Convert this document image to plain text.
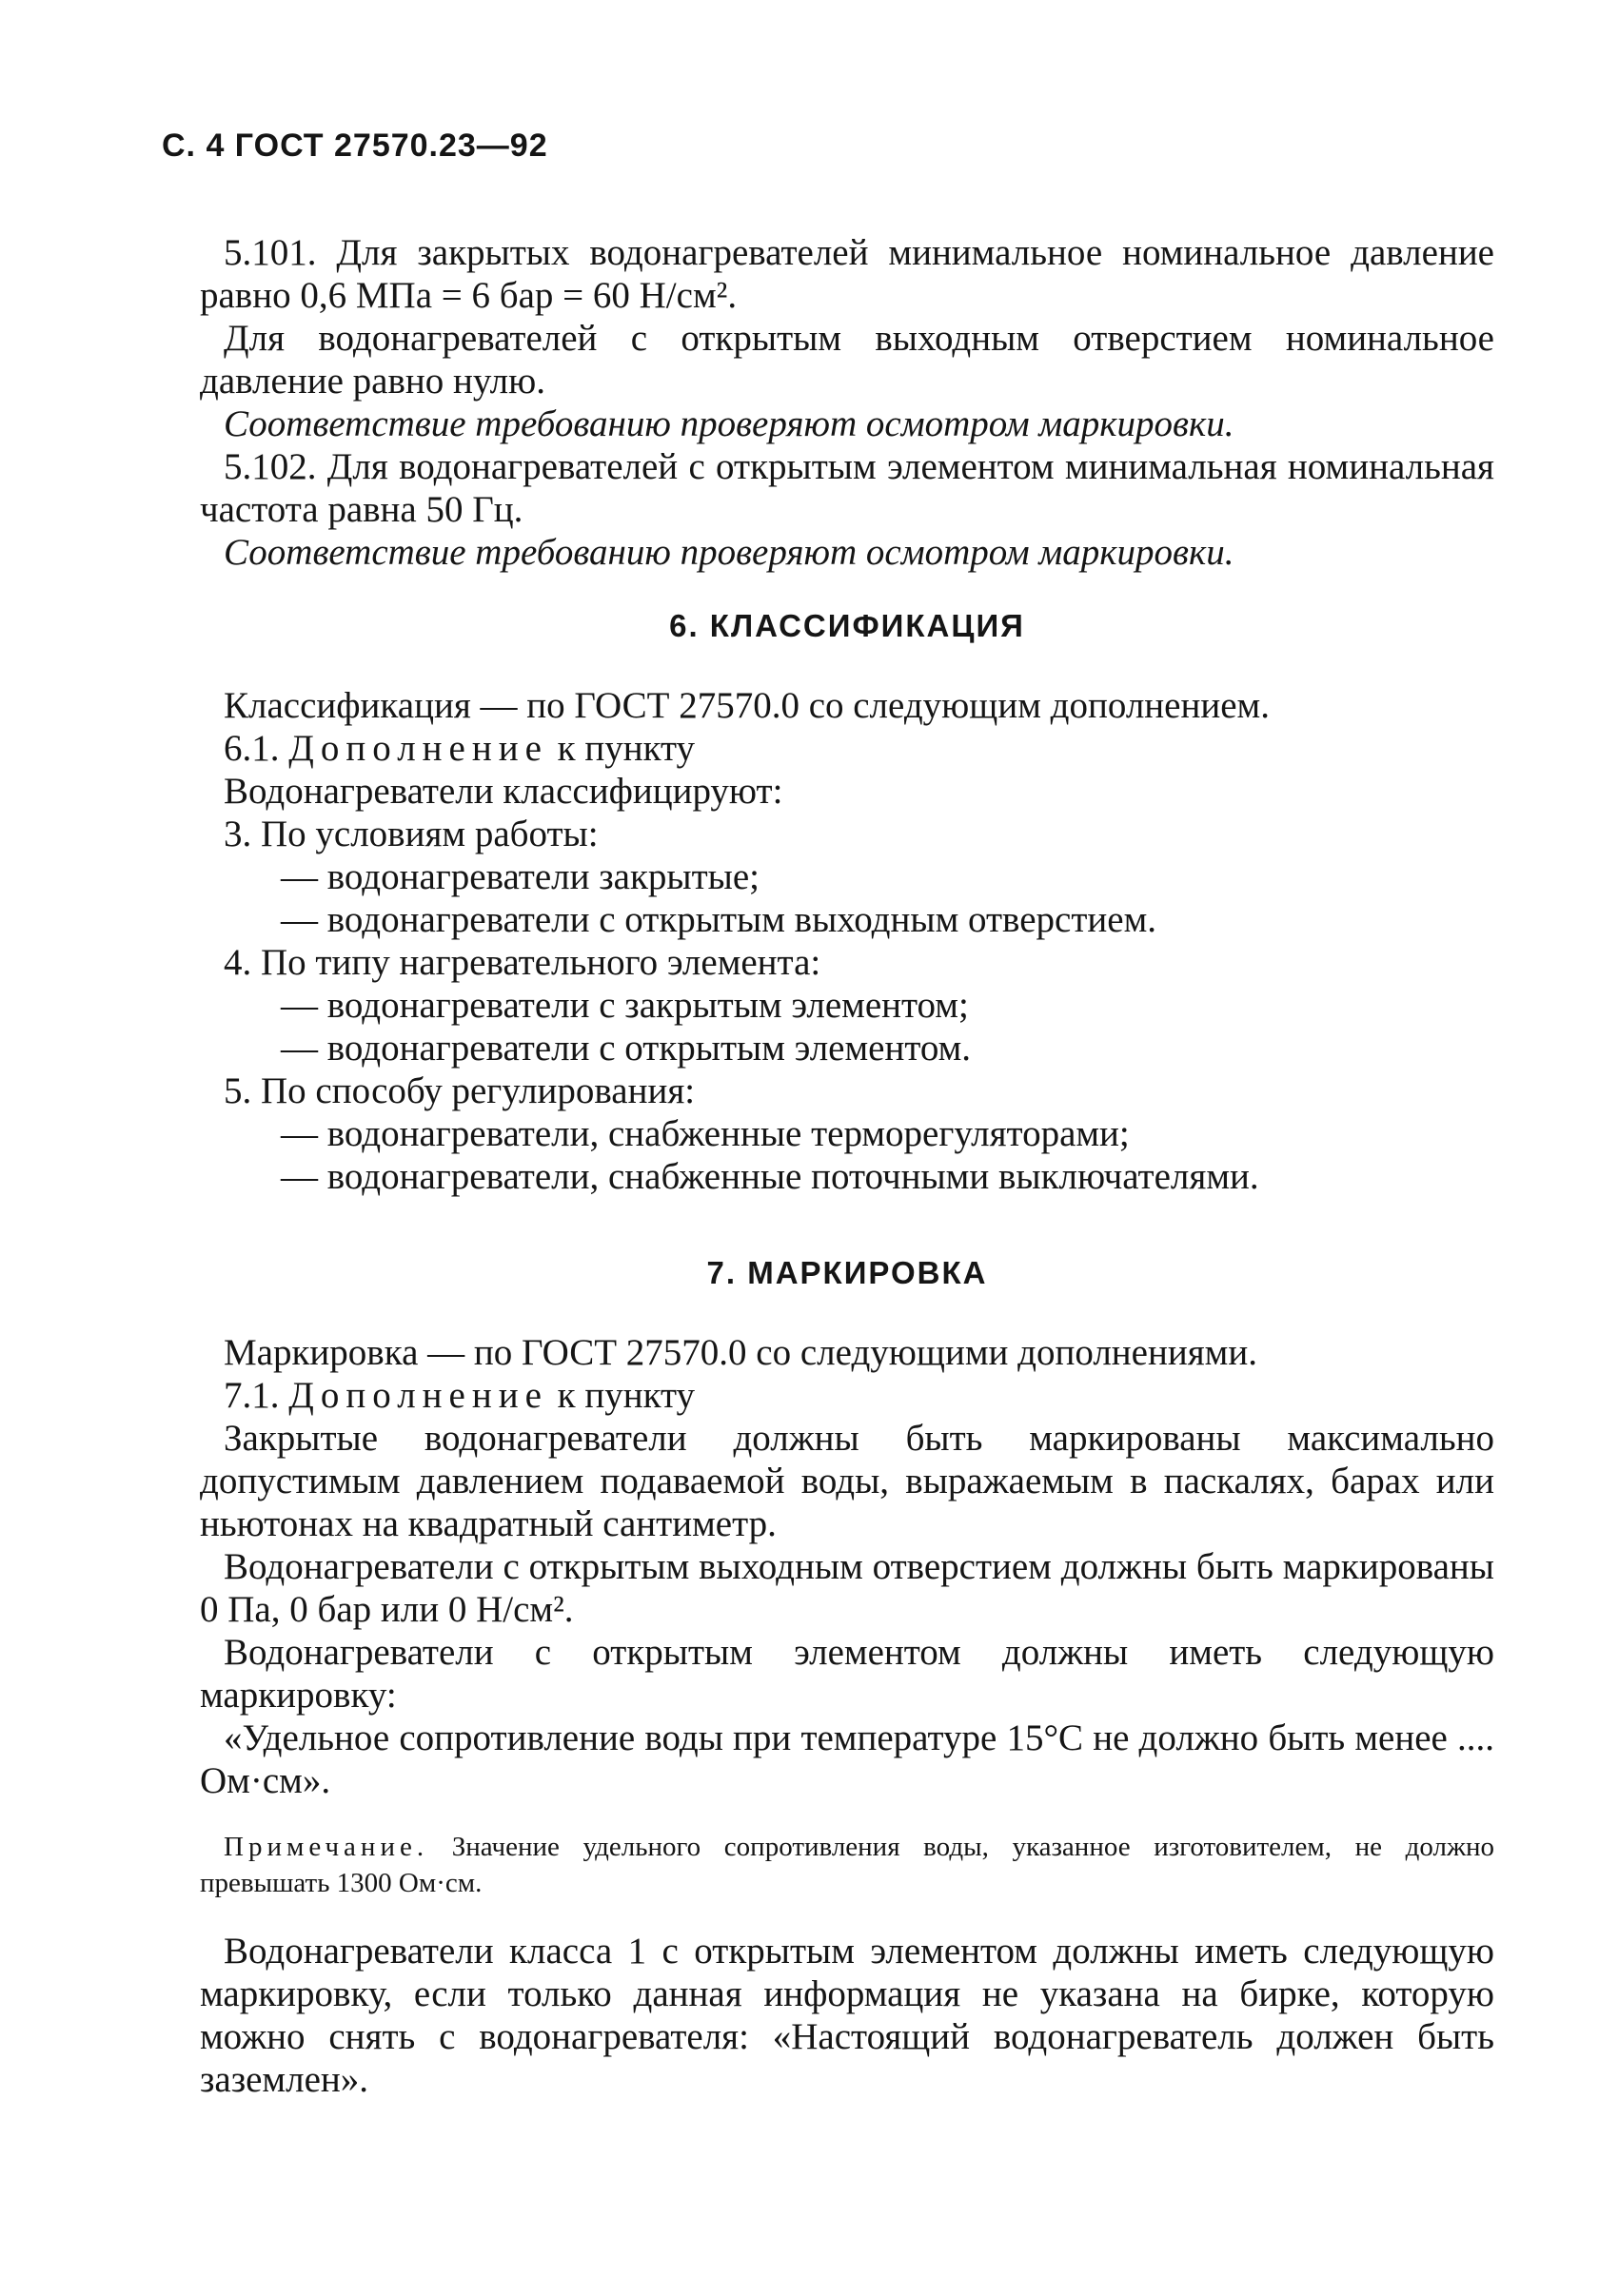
С. 4 ГОСТ 27570.23—92

5.101. Для закрытых водонагревателей минимальное номинальное давление равно 0,6 МПа = 6 бар = 60 Н/см².

Для водонагревателей с открытым выходным отверстием номинальное давление равно нулю.

Соответствие требованию проверяют осмотром маркировки.

5.102. Для водонагревателей с открытым элементом минимальная номинальная частота равна 50 Гц.

Соответствие требованию проверяют осмотром маркировки.

6. КЛАССИФИКАЦИЯ

Классификация — по ГОСТ 27570.0 со следующим дополнением.

6.1. Дополнение к пункту

Водонагреватели классифицируют:

3. По условиям работы:

— водонагреватели закрытые;

— водонагреватели с открытым выходным отверстием.

4. По типу нагревательного элемента:

— водонагреватели с закрытым элементом;

— водонагреватели с открытым элементом.

5. По способу регулирования:

— водонагреватели, снабженные терморегуляторами;

— водонагреватели, снабженные поточными выключателями.

7. МАРКИРОВКА

Маркировка — по ГОСТ 27570.0 со следующими дополнениями.

7.1. Дополнение к пункту

Закрытые водонагреватели должны быть маркированы максимально допустимым давлением подаваемой воды, выражаемым в паскалях, барах или ньютонах на квадратный сантиметр.

Водонагреватели с открытым выходным отверстием должны быть маркированы 0 Па, 0 бар или 0 Н/см².

Водонагреватели с открытым элементом должны иметь следующую маркировку:

«Удельное сопротивление воды при температуре 15°С не должно быть менее .... Ом·см».

Примечание. Значение удельного сопротивления воды, указанное изготовителем, не должно превышать 1300 Ом·см.

Водонагреватели класса 1 с открытым элементом должны иметь следующую маркировку, если только данная информация не указана на бирке, которую можно снять с водонагревателя: «Настоящий водонагреватель должен быть заземлен».
